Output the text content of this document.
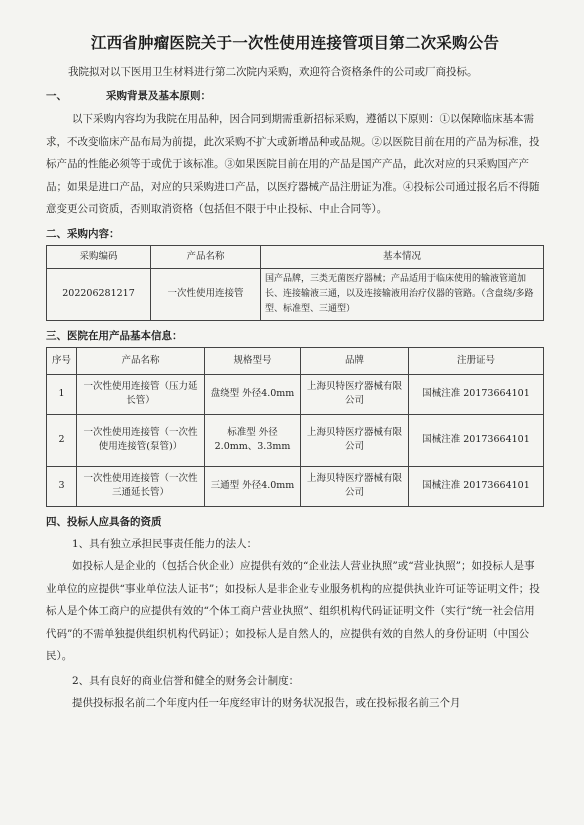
江西省肿瘤医院关于一次性使用连接管项目第二次采购公告

我院拟对以下医用卫生材料进行第二次院内采购，欢迎符合资格条件的公司或厂商投标。

一、	采购背景及基本原则：

以下采购内容均为我院在用品种，因合同到期需重新招标采购，遵循以下原则：①以保障临床基本需求，不改变临床产品布局为前提，此次采购不扩大或新增品种或品规。②以医院目前在用的产品为标准，投标产品的性能必须等于或优于该标准。③如果医院目前在用的产品是国产产品，此次对应的只采购国产产品；如果是进口产品，对应的只采购进口产品，以医疗器械产品注册证为准。④投标公司通过报名后不得随意变更公司资质，否则取消资格（包括但不限于中止投标、中止合同等）。

二、采购内容：
采购编码	产品名称	基本情况
202206281217	一次性使用连接管	国产品牌，三类无菌医疗器械；产品适用于临床使用的输液管道加长、连接输液三通，以及连接输液用治疗仪器的管路。（含盘绕/多路型、标准型、三通型）
三、医院在用产品基本信息：
序号	产品名称	规格型号	品牌	注册证号
1	一次性使用连接管（压力延长管）	盘绕型 外径4.0mm	上海贝特医疗器械有限公司	国械注准 20173664101
2	一次性使用连接管（一次性使用连接管(泵管)）	标准型 外径2.0mm、3.3mm	上海贝特医疗器械有限公司	国械注准 20173664101
3	一次性使用连接管（一次性三通延长管）	三通型 外径4.0mm	上海贝特医疗器械有限公司	国械注准 20173664101
四、投标人应具备的资质

1、具有独立承担民事责任能力的法人：

如投标人是企业的（包括合伙企业）应提供有效的“企业法人营业执照”或“营业执照”；如投标人是事业单位的应提供“事业单位法人证书”；如投标人是非企业专业服务机构的应提供执业许可证等证明文件；投标人是个体工商户的应提供有效的“个体工商户营业执照”、组织机构代码证证明文件（实行“统一社会信用代码”的不需单独提供组织机构代码证）；如投标人是自然人的，应提供有效的自然人的身份证明（中国公民）。

2、具有良好的商业信誉和健全的财务会计制度：

提供投标报名前二个年度内任一年度经审计的财务状况报告，或在投标报名前三个月
